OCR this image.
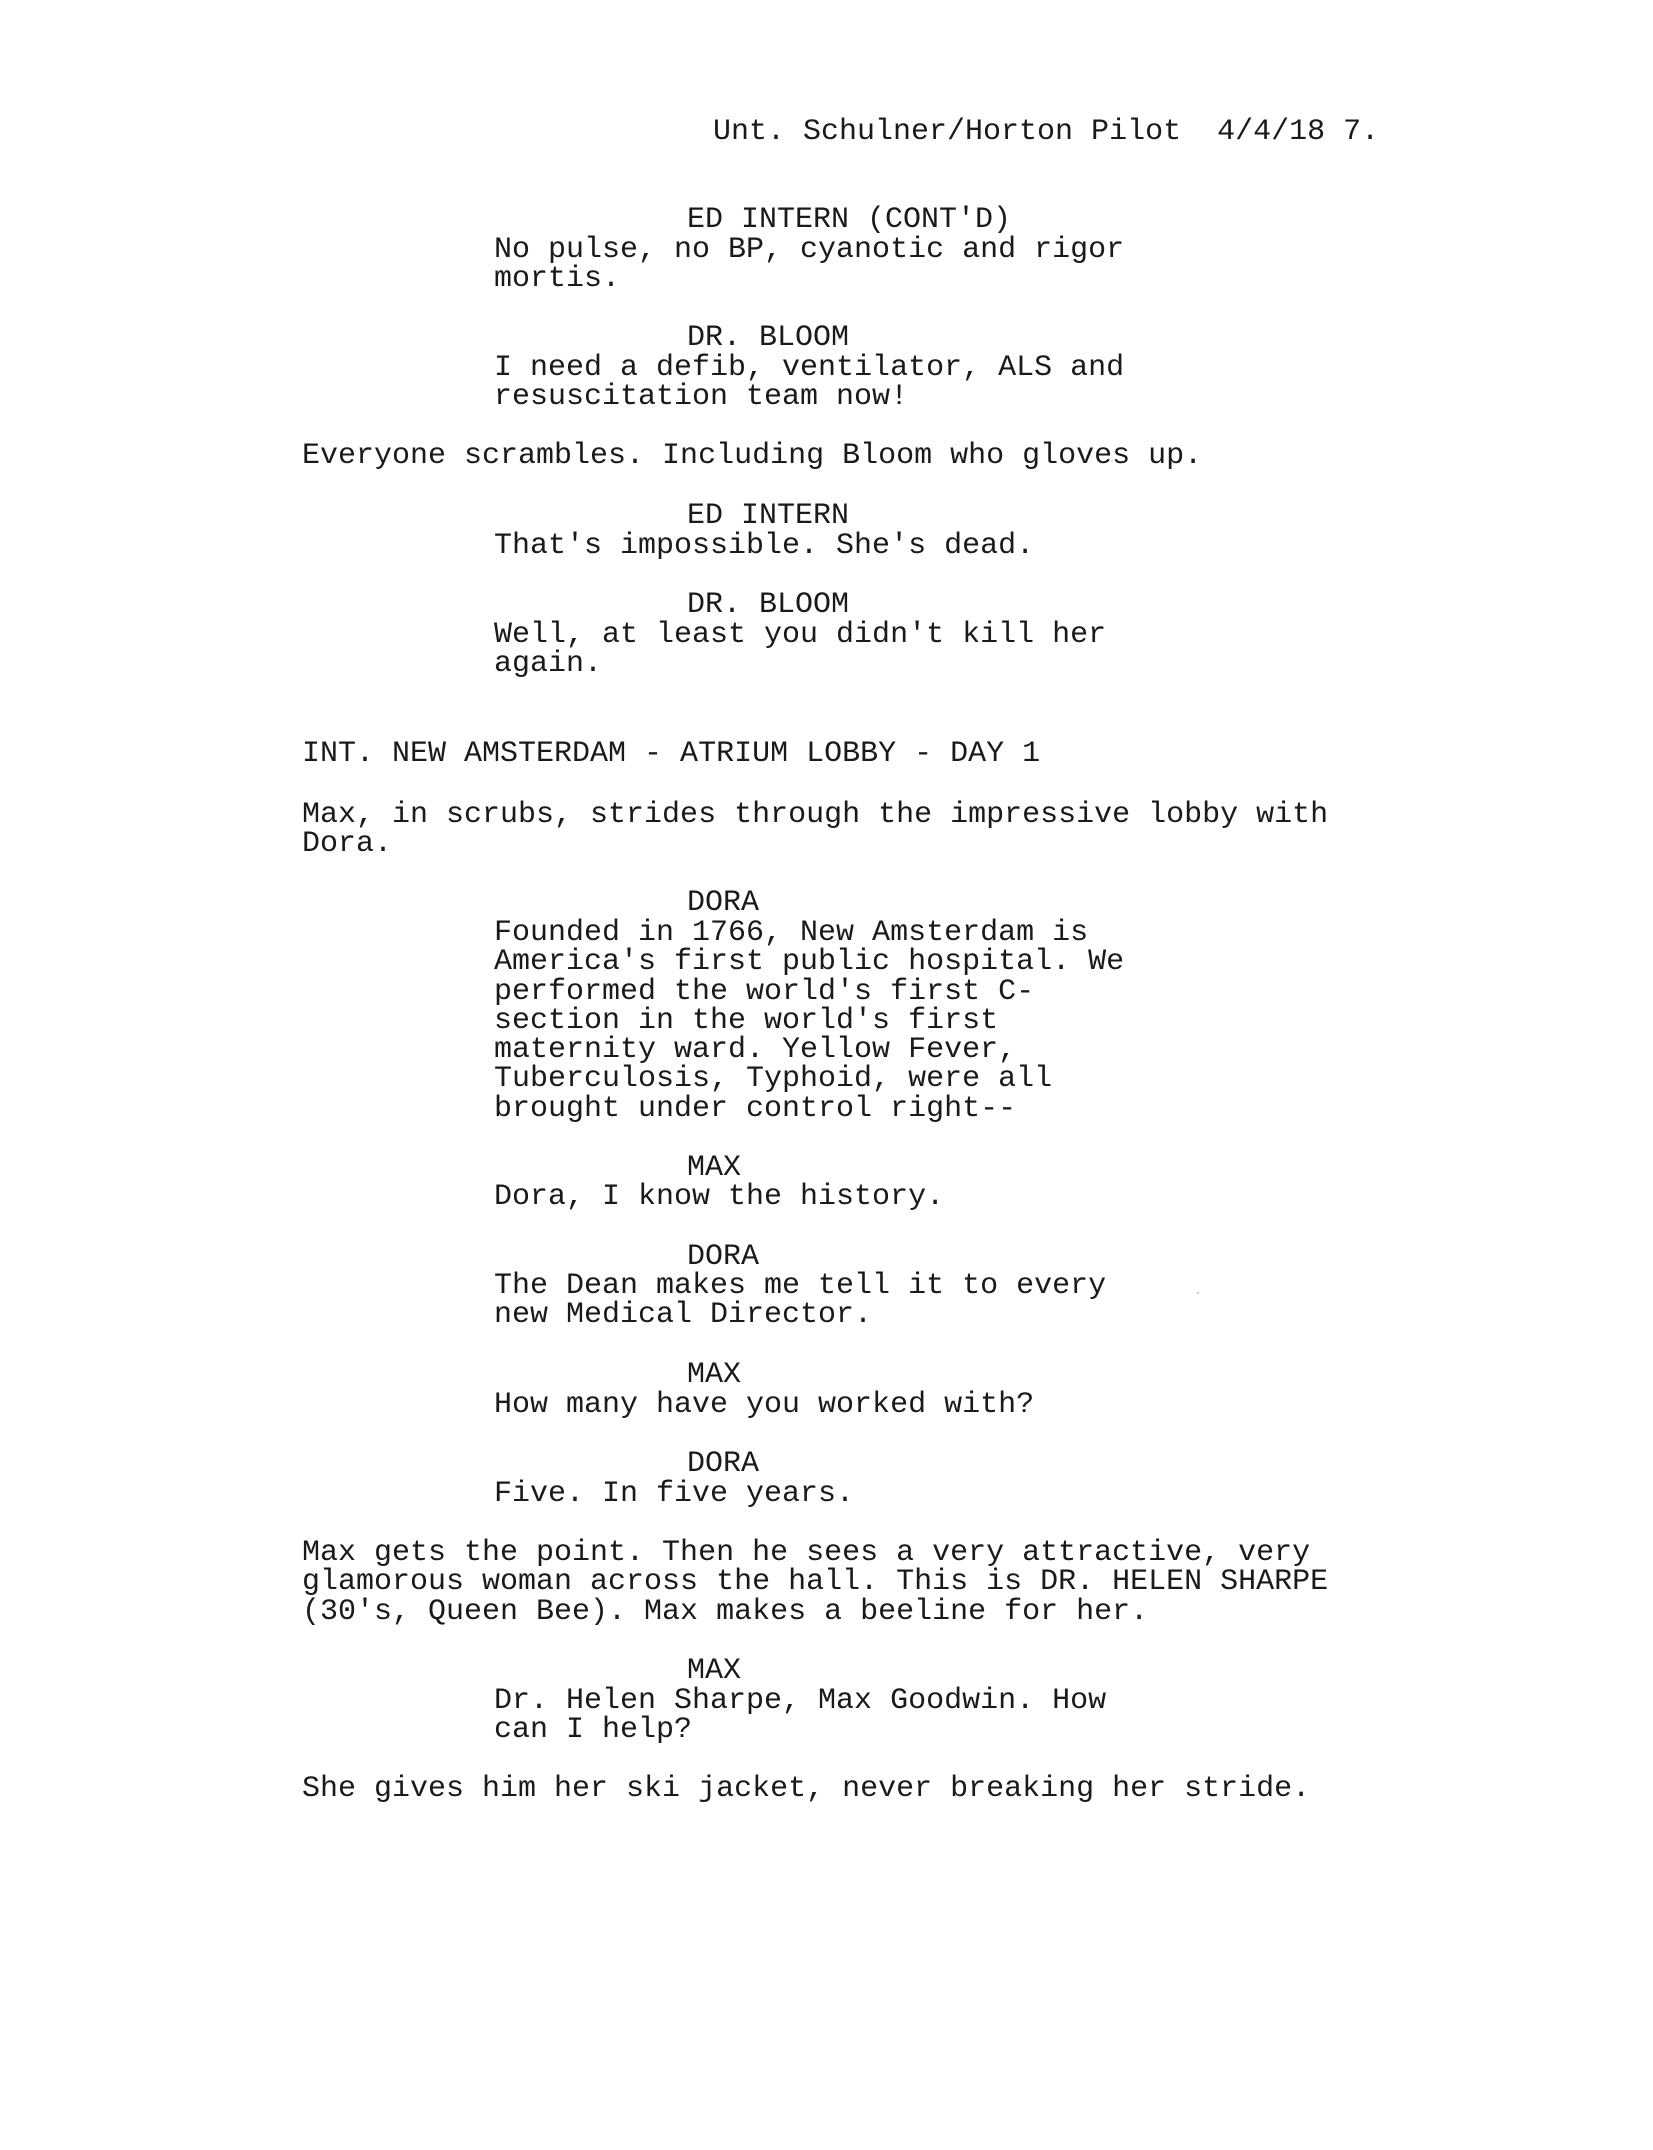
Unt. Schulner/Horton Pilot  4/4/18 7.

ED INTERN (CONT'D)

No pulse, no BP, cyanotic and rigor
mortis.

DR. BLOOM

I need a defib, ventilator, ALS and
resuscitation team now!

Everyone scrambles. Including Bloom who gloves up.

ED INTERN

That's impossible. She's dead.

DR. BLOOM

Well, at least you didn't kill her
again.

INT. NEW AMSTERDAM - ATRIUM LOBBY - DAY 1

Max, in scrubs, strides through the impressive lobby with
Dora.

DORA

Founded in 1766, New Amsterdam is
America's first public hospital. We
performed the world's first C-
section in the world's first
maternity ward. Yellow Fever,
Tuberculosis, Typhoid, were all
brought under control right--

MAX

Dora, I know the history.

DORA

The Dean makes me tell it to every
new Medical Director.

MAX

How many have you worked with?

DORA

Five. In five years.

Max gets the point. Then he sees a very attractive, very
glamorous woman across the hall. This is DR. HELEN SHARPE
(30's, Queen Bee). Max makes a beeline for her.

MAX

Dr. Helen Sharpe, Max Goodwin. How
can I help?

She gives him her ski jacket, never breaking her stride.
